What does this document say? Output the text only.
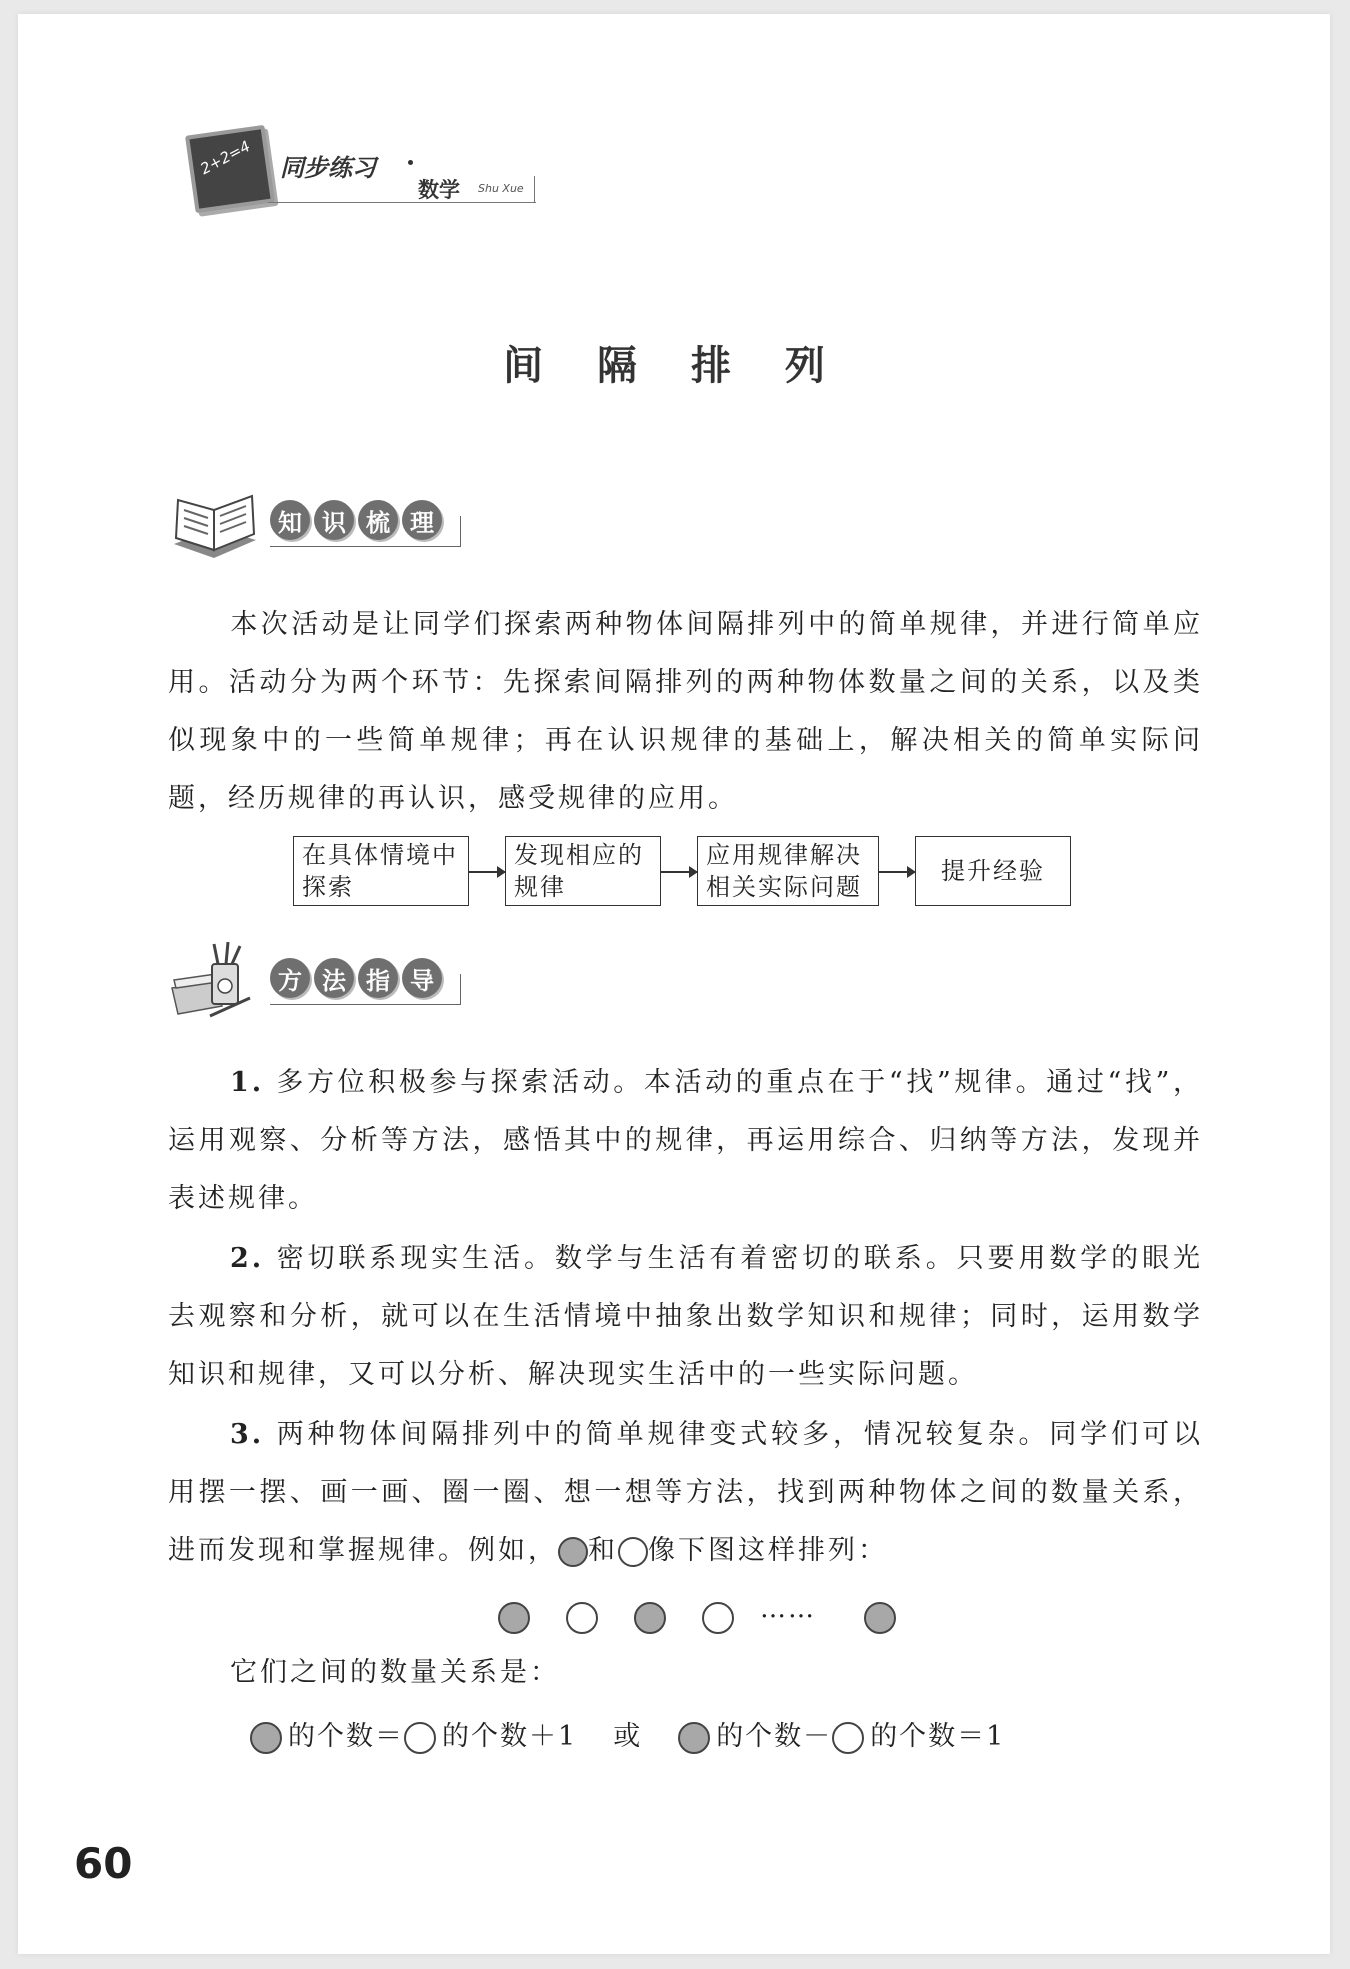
2+2=4 同步练习
数学 Shu Xue
间 隔 排 列
知 识 梳 理

本次活动是让同学们探索两种物体间隔排列中的简单规律，并进行简单应用。活动分为两个环节：先探索间隔排列的两种物体数量之间的关系，以及类似现象中的一些简单规律；再在认识规律的基础上，解决相关的简单实际问题，经历规律的再认识，感受规律的应用。

在具体情境中
探索
发现相应的
规律
应用规律解决
相关实际问题
提升经验
方 法 指 导

1. 多方位积极参与探索活动。本活动的重点在于“找”规律。通过“找”，运用观察、分析等方法，感悟其中的规律，再运用综合、归纳等方法，发现并表述规律。

2. 密切联系现实生活。数学与生活有着密切的联系。只要用数学的眼光去观察和分析，就可以在生活情境中抽象出数学知识和规律；同时，运用数学知识和规律，又可以分析、解决现实生活中的一些实际问题。

3. 两种物体间隔排列中的简单规律变式较多，情况较复杂。同学们可以用摆一摆、画一画、圈一圈、想一想等方法，找到两种物体之间的数量关系，进而发现和掌握规律。例如， 和 像下图这样排列：

……

它们之间的数量关系是：

的个数＝ 的个数＋1 或	的个数－ 的个数＝1
60
